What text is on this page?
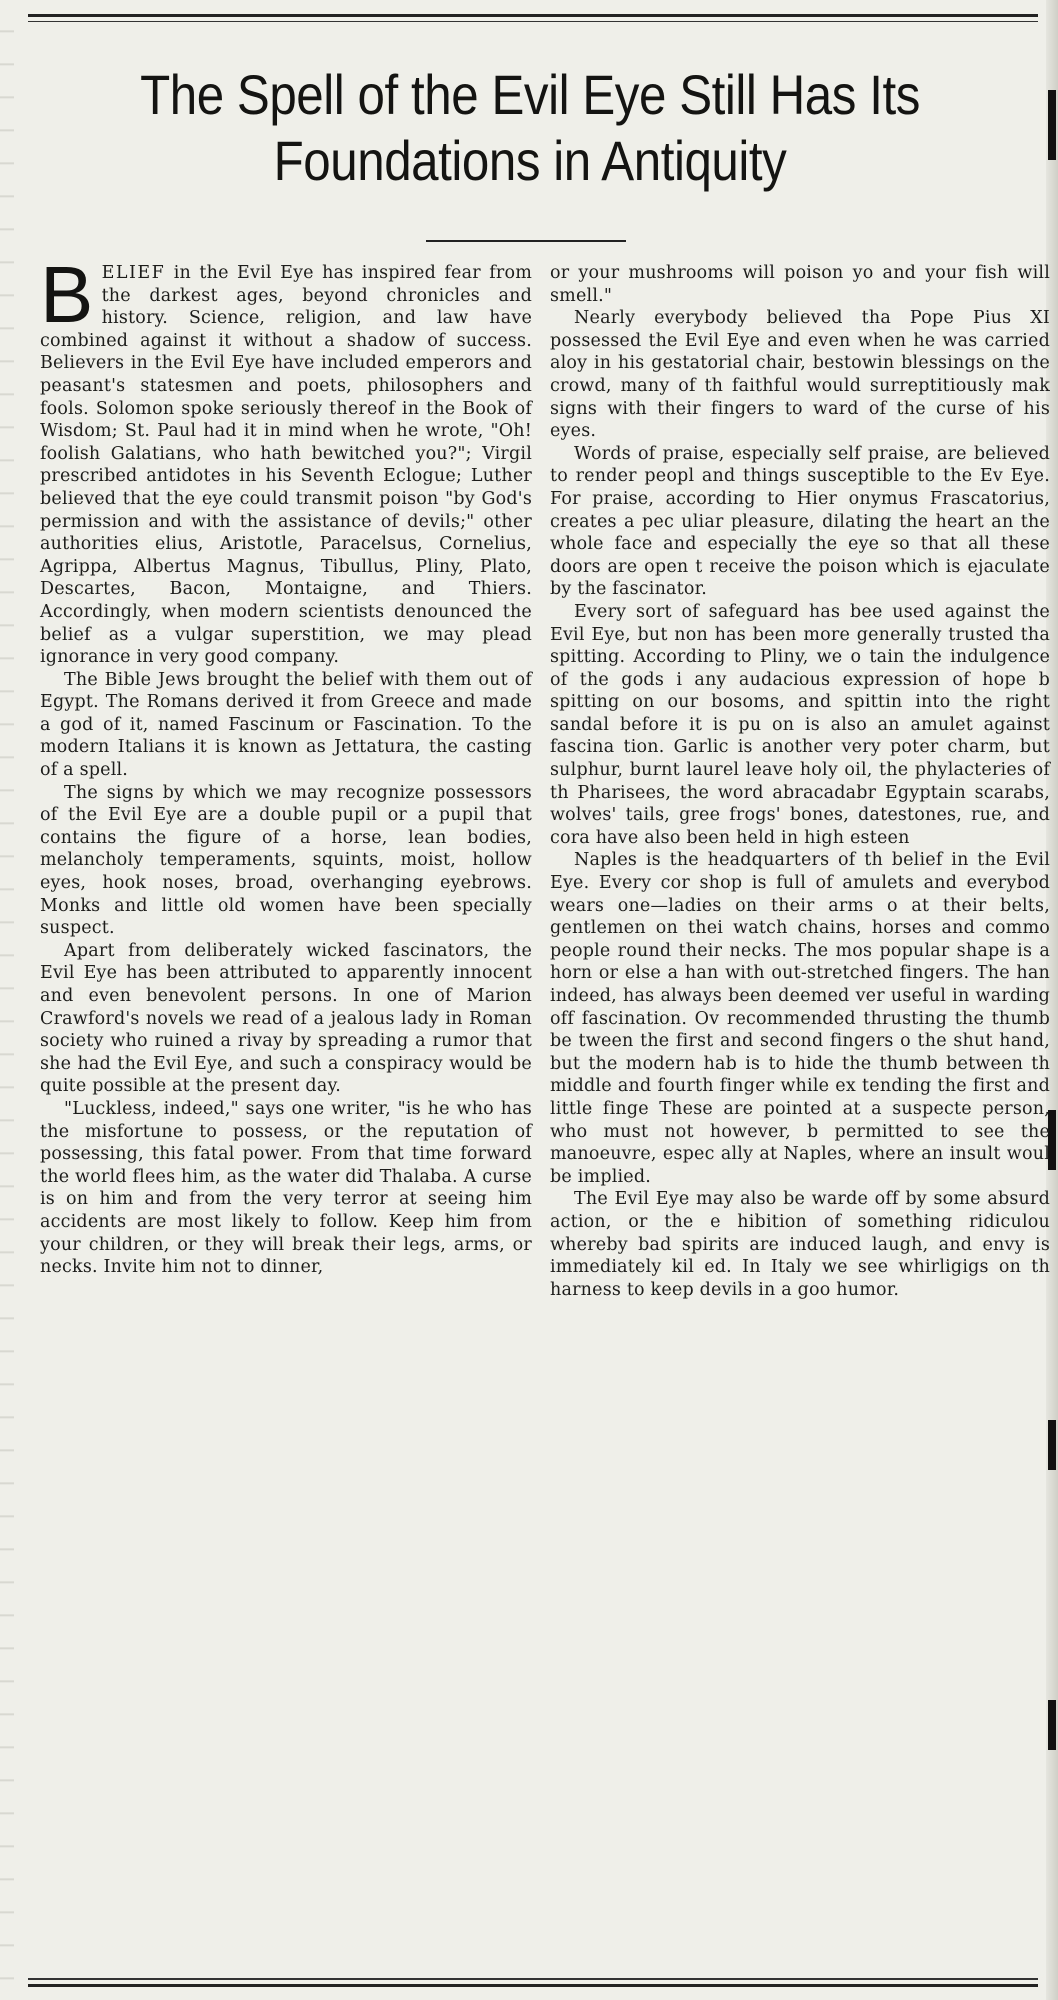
The Spell of the Evil Eye Still Has Its
Foundations in Antiquity

BELIEF in the Evil Eye has inspired fear from the darkest ages, beyond chronicles and history. Science, religion, and law have combined against it without a shadow of success. Believers in the Evil Eye have included emperors and peasant's statesmen and poets, philosophers and fools. Solomon spoke seriously thereof in the Book of Wisdom; St. Paul had it in mind when he wrote, "Oh! foolish Galatians, who hath bewitched you?"; Virgil prescribed antidotes in his Seventh Eclogue; Luther believed that the eye could transmit poison "by God's permission and with the assistance of devils;" other authorities elius, Aristotle, Paracelsus, Cornelius, Agrippa, Albertus Magnus, Tibullus, Pliny, Plato, Descartes, Bacon, Montaigne, and Thiers. Accordingly, when modern scientists denounced the belief as a vulgar superstition, we may plead ignorance in very good company.

The Bible Jews brought the belief with them out of Egypt. The Romans derived it from Greece and made a god of it, named Fascinum or Fascination. To the modern Italians it is known as Jettatura, the casting of a spell.

The signs by which we may recognize possessors of the Evil Eye are a double pupil or a pupil that contains the figure of a horse, lean bodies, melancholy temperaments, squints, moist, hollow eyes, hook noses, broad, overhanging eyebrows. Monks and little old women have been specially suspect.

Apart from deliberately wicked fascinators, the Evil Eye has been attributed to apparently innocent and even benevolent persons. In one of Marion Crawford's novels we read of a jealous lady in Roman society who ruined a rivay by spreading a rumor that she had the Evil Eye, and such a conspiracy would be quite possible at the present day.

"Luckless, indeed," says one writer, "is he who has the misfortune to possess, or the reputation of possessing, this fatal power. From that time forward the world flees him, as the water did Thalaba. A curse is on him and from the very terror at seeing him accidents are most likely to follow. Keep him from your children, or they will break their legs, arms, or necks. Invite him not to dinner,

or your mushrooms will poison yo and your fish will smell."

Nearly everybody believed tha Pope Pius XI possessed the Evil Eye and even when he was carried aloy in his gestatorial chair, bestowin blessings on the crowd, many of th faithful would surreptitiously mak signs with their fingers to ward of the curse of his eyes.

Words of praise, especially self praise, are believed to render peopl and things susceptible to the Ev Eye. For praise, according to Hier onymus Frascatorius, creates a pec uliar pleasure, dilating the heart an the whole face and especially the eye so that all these doors are open t receive the poison which is ejaculate by the fascinator.

Every sort of safeguard has bee used against the Evil Eye, but non has been more generally trusted tha spitting. According to Pliny, we o tain the indulgence of the gods i any audacious expression of hope b spitting on our bosoms, and spittin into the right sandal before it is pu on is also an amulet against fascina tion. Garlic is another very poter charm, but sulphur, burnt laurel leave holy oil, the phylacteries of th Pharisees, the word abracadabr Egyptain scarabs, wolves' tails, gree frogs' bones, datestones, rue, and cora have also been held in high esteen

Naples is the headquarters of th belief in the Evil Eye. Every cor shop is full of amulets and everybod wears one—ladies on their arms o at their belts, gentlemen on thei watch chains, horses and commo people round their necks. The mos popular shape is a horn or else a han with out-stretched fingers. The han indeed, has always been deemed ver useful in warding off fascination. Ov recommended thrusting the thumb be tween the first and second fingers o the shut hand, but the modern hab is to hide the thumb between th middle and fourth finger while ex tending the first and little finge These are pointed at a suspecte person, who must not however, b permitted to see the manoeuvre, espec ally at Naples, where an insult woul be implied.

The Evil Eye may also be warde off by some absurd action, or the e hibition of something ridiculou whereby bad spirits are induced laugh, and envy is immediately kil ed. In Italy we see whirligigs on th harness to keep devils in a goo humor.
